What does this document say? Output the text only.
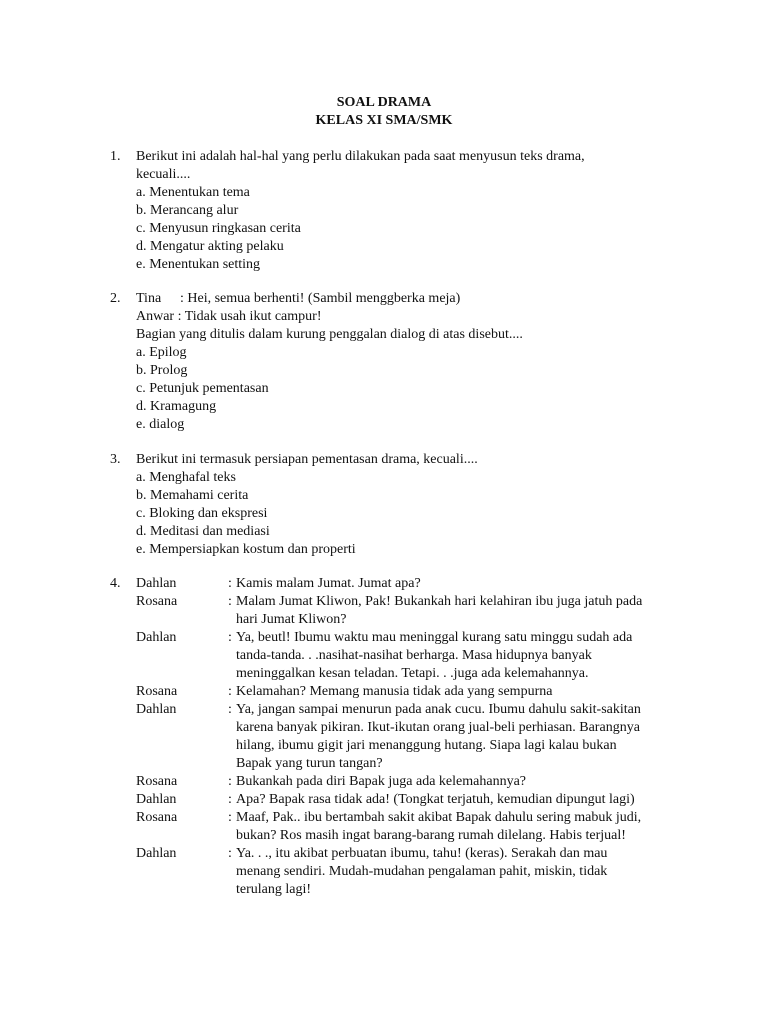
SOAL DRAMA
KELAS XI SMA/SMK
1.	Berikut ini adalah hal-hal yang perlu dilakukan pada saat menyusun teks drama,
kecuali....
a. Menentukan tema
b. Merancang alur
c. Menyusun ringkasan cerita
d. Mengatur akting pelaku
e. Menentukan setting
2.	Tina : Hei, semua berhenti! (Sambil menggberka meja)
Anwar : Tidak usah ikut campur!
Bagian yang ditulis dalam kurung penggalan dialog di atas disebut....
a. Epilog
b. Prolog
c. Petunjuk pementasan
d. Kramagung
e. dialog
3.	Berikut ini termasuk persiapan pementasan drama, kecuali....
a. Menghafal teks
b. Memahami cerita
c. Bloking dan ekspresi
d. Meditasi dan mediasi
e. Mempersiapkan kostum dan properti
4.	Dahlan	: Kamis malam Jumat. Jumat apa?
Rosana	: Malam Jumat Kliwon, Pak! Bukankah hari kelahiran ibu juga jatuh pada
hari Jumat Kliwon?
Dahlan	: Ya, beutl! Ibumu waktu mau meninggal kurang satu minggu sudah ada
tanda-tanda. . .nasihat-nasihat berharga. Masa hidupnya banyak
meninggalkan kesan teladan. Tetapi. . .juga ada kelemahannya.
Rosana	: Kelamahan? Memang manusia tidak ada yang sempurna
Dahlan	: Ya, jangan sampai menurun pada anak cucu. Ibumu dahulu sakit-sakitan
karena banyak pikiran. Ikut-ikutan orang jual-beli perhiasan. Barangnya
hilang, ibumu gigit jari menanggung hutang. Siapa lagi kalau bukan
Bapak yang turun tangan?
Rosana	: Bukankah pada diri Bapak juga ada kelemahannya?
Dahlan	: Apa? Bapak rasa tidak ada! (Tongkat terjatuh, kemudian dipungut lagi)
Rosana	: Maaf, Pak.. ibu bertambah sakit akibat Bapak dahulu sering mabuk judi,
bukan? Ros masih ingat barang-barang rumah dilelang. Habis terjual!
Dahlan	: Ya. . ., itu akibat perbuatan ibumu, tahu! (keras). Serakah dan mau
menang sendiri. Mudah-mudahan pengalaman pahit, miskin, tidak
terulang lagi!
